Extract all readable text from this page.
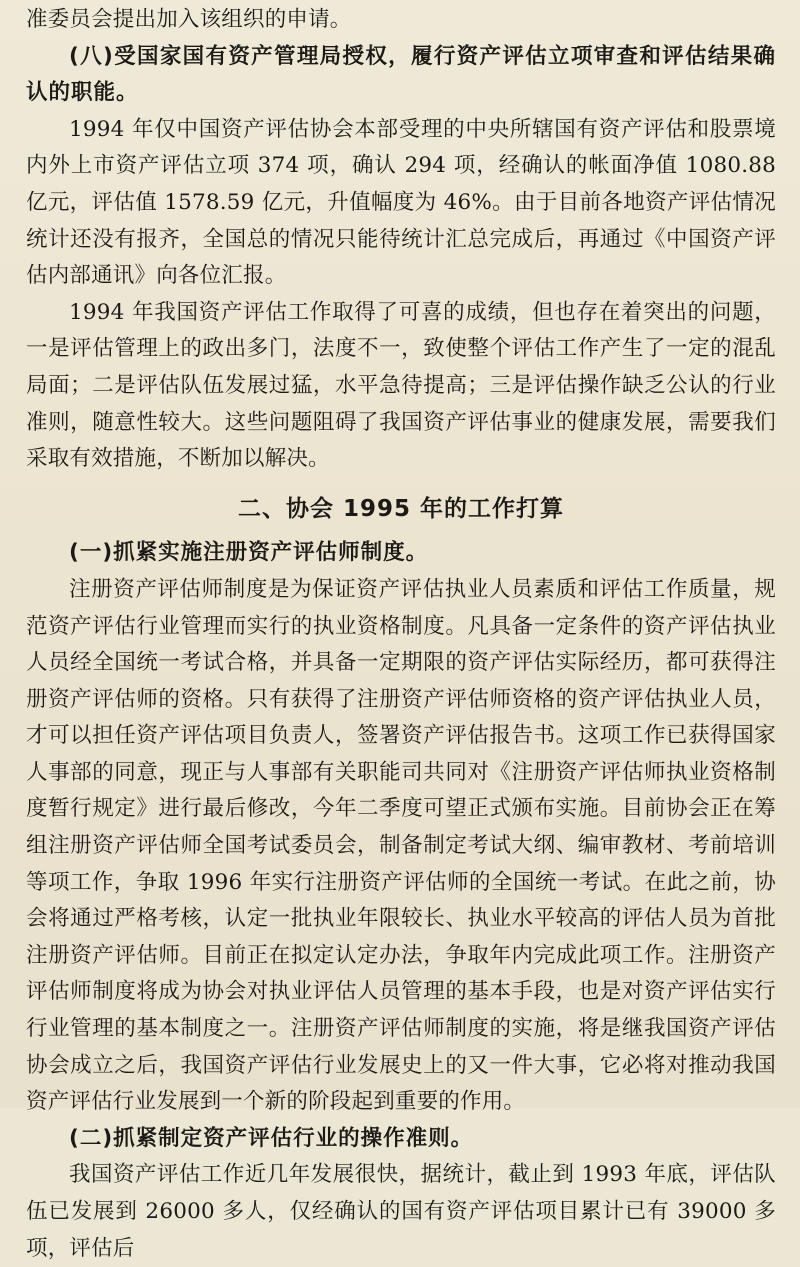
准委员会提出加入该组织的申请。

(八)受国家国有资产管理局授权，履行资产评估立项审查和评估结果确认的职能。

1994 年仅中国资产评估协会本部受理的中央所辖国有资产评估和股票境内外上市资产评估立项 374 项，确认 294 项，经确认的帐面净值 1080.88 亿元，评估值 1578.59 亿元，升值幅度为 46%。由于目前各地资产评估情况统计还没有报齐，全国总的情况只能待统计汇总完成后，再通过《中国资产评估内部通讯》向各位汇报。

1994 年我国资产评估工作取得了可喜的成绩，但也存在着突出的问题，一是评估管理上的政出多门，法度不一，致使整个评估工作产生了一定的混乱局面；二是评估队伍发展过猛，水平急待提高；三是评估操作缺乏公认的行业准则，随意性较大。这些问题阻碍了我国资产评估事业的健康发展，需要我们采取有效措施，不断加以解决。

二、协会 1995 年的工作打算

(一)抓紧实施注册资产评估师制度。

注册资产评估师制度是为保证资产评估执业人员素质和评估工作质量，规范资产评估行业管理而实行的执业资格制度。凡具备一定条件的资产评估执业人员经全国统一考试合格，并具备一定期限的资产评估实际经历，都可获得注册资产评估师的资格。只有获得了注册资产评估师资格的资产评估执业人员，才可以担任资产评估项目负责人，签署资产评估报告书。这项工作已获得国家人事部的同意，现正与人事部有关职能司共同对《注册资产评估师执业资格制度暂行规定》进行最后修改，今年二季度可望正式颁布实施。目前协会正在筹组注册资产评估师全国考试委员会，制备制定考试大纲、编审教材、考前培训等项工作，争取 1996 年实行注册资产评估师的全国统一考试。在此之前，协会将通过严格考核，认定一批执业年限较长、执业水平较高的评估人员为首批注册资产评估师。目前正在拟定认定办法，争取年内完成此项工作。注册资产评估师制度将成为协会对执业评估人员管理的基本手段，也是对资产评估实行行业管理的基本制度之一。注册资产评估师制度的实施，将是继我国资产评估协会成立之后，我国资产评估行业发展史上的又一件大事，它必将对推动我国资产评估行业发展到一个新的阶段起到重要的作用。

(二)抓紧制定资产评估行业的操作准则。

我国资产评估工作近几年发展很快，据统计，截止到 1993 年底，评估队伍已发展到 26000 多人，仅经确认的国有资产评估项目累计已有 39000 多项，评估后
